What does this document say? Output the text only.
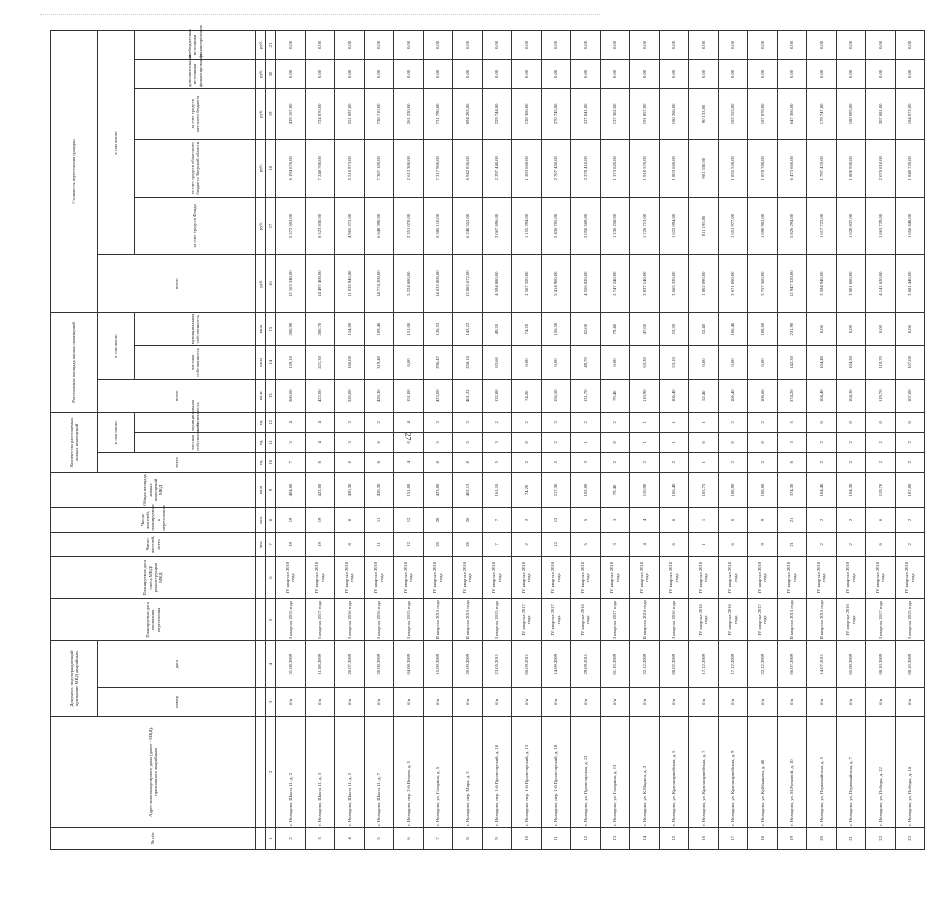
27
№ п/п	Адрес многоквартирного дома (далее - МКД), признанного аварийным	Документ, подтверждающий признание МКД аварийным		Планируемая дата окончания переселения	Планируемая дата сноса МКД/реконструкции МКД	Число жителей, всего	Число жителей, планируемых к переселению	Общая площадь жилых помещений МКД	Количество расселяемых жилых помещений			Расселяемая площадь жилых помещений			Стоимость переселения граждан					
		номер	дата						всего	в том числе:		всего	в том числе:		всего	в том числе:				
										частная собственность	муниципальная собственность		частная собственность	муниципальная собственность		за счет средств Фонда	за счет средств областного бюджета Тверской области	за счет средств местного бюджета	дополнительные источники финансирования	внебюджетные источники финансирования
						чел.	чел.	кв.м	ед.	ед.	ед.	кв.м	кв.м	кв.м	руб.	руб.	руб.	руб.	руб.	руб.
1	2	3	4	5	6	7	8	9	10	11	12	13	14	15	16	17	18	19	20	21
2	г. Нелидово, Шахта 11, д. 2	б/н	31.08.2009	I квартал 2015 года	IV квартал 2018 года	19	19	404,60	7	3	4	360,00	159,10	200,90	12 163 340,00	5 572 503,00	6 194 670,00	439 167,00	0,00	0,00
3	г. Нелидово, Шахта 11, д. 3	б/н	11.08.2009	I квартал 2017 года	IV квартал 2018 года	19	19	422,00	8	4	4	422,00	221,30	200,70	14 497 400,00	6 523 830,00	7 248 700,00	724 870,00	0,00	0,00
4	г. Нелидово, Шахта 11, д. 5	б/н	20.07.2009	I квартал 2016 года	IV квартал 2018 года	8	8	420,30	6	3	3	320,00	166,00	154,00	11 033 946,00	4 965 273,00	5 516 973,00	551 697,00	0,00	0,00
5	г. Нелидово, Шахта 11, д. 7	б/н	20.08.2009	I квартал 2016 года	IV квартал 2018 года	11	11	428,30	8	6	2	428,30	319,40	109,40	14 774 200,00	6 648 390,00	7 387 100,00	738 710,00	0,00	0,00
6	г. Нелидово, пер. 2-й Нечаев, д. 5	б/н	04.08.2009	I квартал 2015 года	IV квартал 2018 года	12	12	151,00	4	0	4	151,00	0,00	151,00	5 224 600,00	2 351 070,00	2 612 300,00	261 230,00	0,00	0,00
7	г. Нелидово, ул. Гагарина, д. 5	б/н	15.09.2009	II квартал 2015 года	IV квартал 2018 года	20	20	423,00	8	5	3	423,00	296,47	126,53	14 635 800,00	6 586 110,00	7 317 900,00	731 790,00	0,00	0,00
8	г. Нелидово, пер. Мира, д. 3	б/н	20.09.2009	II квартал 2015 года	IV квартал 2018 года	26	26	402,13	8	5	3	401,32	258,10	143,22	13 885 672,00	6 248 552,00	6 942 836,00	694 283,00	0,00	0,00
9	г. Нелидово, пер. 1-й Пролетарский, д. 10	б/н	23.05.2011	I квартал 2015 года	IV квартал 2018 года	7	7	161,10	5	3	2	132,80	83,60	49,20	4 594 880,00	2 067 696,00	2 297 440,00	229 744,00	0,00	0,00
10	г. Нелидово, пер. 1-й Пролетарский, д. 13	б/н	06.09.2011	IV квартал 2017 года	IV квартал 2018 года	2	2	74,20	2	0	2	74,20	0,00	74,20	2 567 320,00	1 155 294,00	1 283 660,00	128 366,00	0,00	0,00
11	г. Нелидово, пер. 1-й Пролетарский, д. 18	б/н	14.09.2009	IV квартал 2017 года	IV квартал 2018 года	12	12	217,30	5	2	3	156,50	0,00	156,50	5 414 900,00	2 436 705,00	2 707 450,00	270 745,00	0,00	0,00
12	г. Нелидово, ул. Пролетарская, д. 12	б/н	29.09.2011	IV квартал 2016 года	IV квартал 2018 года	5	5	102,00	3	1	2	131,70	49,70	82,00	4 556 820,00	2 050 569,00	2 278 410,00	227 841,00	0,00	0,00
13	г. Нелидово, ул. Гагарина, д. 13	б/н	01.10.2009	I квартал 2017 года	IV квартал 2018 года	3	3	79,40	2	0	2	79,40	0,00	79,40	2 747 240,00	1 236 258,00	1 373 620,00	137 362,00	0,00	0,00
14	г. Нелидово, ул. К.Маркса, д. 3	б/н	22.12.2009	II квартал 2016 года	IV квартал 2018 года	4	4	110,90	2	1	1	110,90	63,30	47,60	3 837 140,00	1 726 713,00	1 918 570,00	191 857,00	0,00	0,00
15	г. Нелидово, ул. Красноармейская, д. 5	б/н	08.02.2009	I квартал 2016 года	IV квартал 2018 года	6	6	106,40	2	1	1	106,40	53,10	53,30	3 665 320,00	1 622 094,00	1 803 660,00	180 266,00	0,00	0,00
16	г. Нелидово, ул. Красноармейская, д. 7	б/н	17.12.2009	IV квартал 2016 года	IV квартал 2018 года	1	1	105,75	1	0	1	52,40	0,00	52,40	1 802 090,00	811 195,00	901 330,00	90 133,00	0,00	0,00
17	г. Нелидово, ул. Красноармейская, д. 9	б/н	17.12.2009	IV квартал 2016 года	IV квартал 2018 года	6	6	108,90	2	0	2	106,40	0,00	106,40	3 671 060,00	1 651 977,00	1 835 530,00	183 553,00	0,00	0,00
18	г. Нелидово, ул. Куйбышева, д. 40	б/н	22.12.2009	IV квартал 2017 года	IV квартал 2018 года	9	9	108,60	2	0	2	108,60	0,00	108,60	3 757 560,00	1 690 902,00	1 878 780,00	187 878,00	0,00	0,00
19	г. Нелидово, ул. М.Расковой, д. 10	б/н	06.07.2009	II квартал 2015 года	IV квартал 2018 года	21	21	374,30	8	3	5	374,20	142,30	231,90	12 947 320,00	5 826 294,00	6 473 660,00	647 366,00	0,00	0,00
20	г. Нелидово, ул. Первомайская, д. 5	б/н	14.07.2011	II квартал 2015 года	IV квартал 2018 года	2	2	104,40	2	2	0	104,40	104,40	0,00	3 594 940,00	1 617 723,00	1 797 470,00	179 747,00	0,00	0,00
21	г. Нелидово, ул. Первомайская, д. 7	б/н	05.08.2009	IV квартал 2016 года	IV квартал 2018 года	2	2	104,30	2	2	0	104,30	104,30	0,00	3 601 860,00	1 620 837,00	1 800 930,00	180 093,00	0,00	0,00
22	г. Нелидово, ул. Победы, д. 12	б/н	08.10.2009	I квартал 2017 года	IV квартал 2018 года	6	6	119,70	2	2	0	119,70	119,70	0,00	4 141 620,00	1 863 729,00	2 070 810,00	207 081,00	0,00	0,00
23	г. Нелидово, ул. Победы, д. 14	б/н	08.10.2009	I квартал 2015 года	IV квартал 2018 года	2	2	107,00	2	2	0	107,00	107,00	0,00	3 681 440,00	1 656 648,00	1 840 720,00	184 072,00	0,00	0,00
